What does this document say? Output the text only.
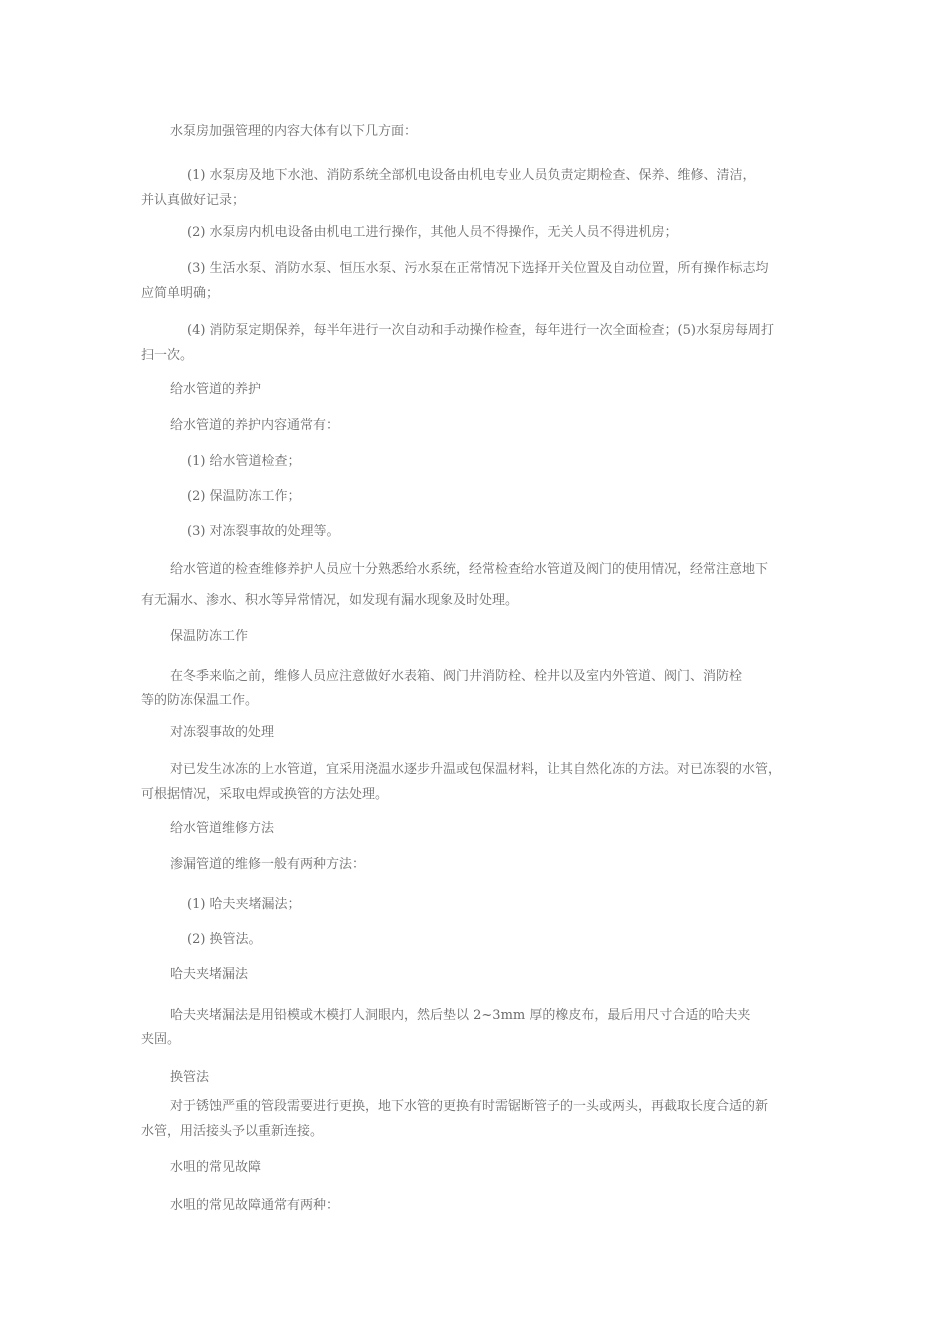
水泵房加强管理的内容大体有以下几方面：

(1) 水泵房及地下水池、消防系统全部机电设备由机电专业人员负责定期检查、保养、维修、清洁，

并认真做好记录；

(2) 水泵房内机电设备由机电工进行操作，其他人员不得操作，无关人员不得进机房；

(3) 生活水泵、消防水泵、恒压水泵、污水泵在正常情况下选择开关位置及自动位置，所有操作标志均

应简单明确；

(4) 消防泵定期保养，每半年进行一次自动和手动操作检查，每年进行一次全面检查；(5)水泵房每周打

扫一次。

给水管道的养护

给水管道的养护内容通常有：

(1) 给水管道检查；

(2) 保温防冻工作；

(3) 对冻裂事故的处理等。

给水管道的检查维修养护人员应十分熟悉给水系统，经常检查给水管道及阀门的使用情况，经常注意地下

有无漏水、渗水、积水等异常情况，如发现有漏水现象及时处理。

保温防冻工作

在冬季来临之前，维修人员应注意做好水表箱、阀门井消防栓、栓井以及室内外管道、阀门、消防栓

等的防冻保温工作。

对冻裂事故的处理

对已发生冰冻的上水管道，宜采用浇温水逐步升温或包保温材料，让其自然化冻的方法。对已冻裂的水管，

可根据情况，采取电焊或换管的方法处理。

给水管道维修方法

渗漏管道的维修一般有两种方法：

(1) 哈夫夹堵漏法；

(2) 换管法。

哈夫夹堵漏法

哈夫夹堵漏法是用铅模或木模打人洞眼内，然后垫以 2~3mm 厚的橡皮布，最后用尺寸合适的哈夫夹

夹固。

换管法

对于锈蚀严重的管段需要进行更换，地下水管的更换有时需锯断管子的一头或两头，再截取长度合适的新

水管，用活接头予以重新连接。

水咀的常见故障

水咀的常见故障通常有两种：
